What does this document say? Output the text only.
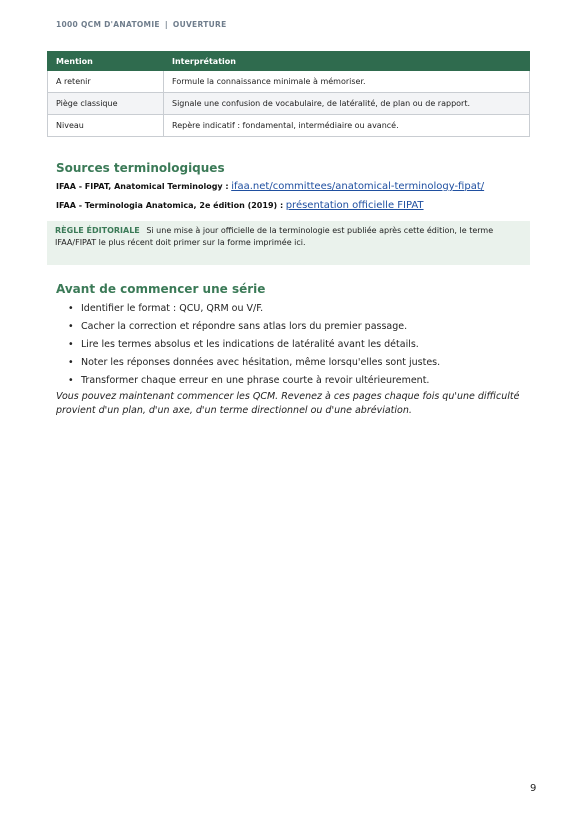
1000 QCM D'ANATOMIE | OUVERTURE
Mention	Interprétation
A retenir	Formule la connaissance minimale à mémoriser.
Piège classique	Signale une confusion de vocabulaire, de latéralité, de plan ou de rapport.
Niveau	Repère indicatif : fondamental, intermédiaire ou avancé.
Sources terminologiques
IFAA - FIPAT, Anatomical Terminology : ifaa.net/committees/anatomical-terminology-fipat/
IFAA - Terminologia Anatomica, 2e édition (2019) : présentation officielle FIPAT
RÈGLE ÉDITORIALE Si une mise à jour officielle de la terminologie est publiée après cette édition, le terme IFAA/FIPAT le plus récent doit primer sur la forme imprimée ici.
Avant de commencer une série
• Identifier le format : QCU, QRM ou V/F.
• Cacher la correction et répondre sans atlas lors du premier passage.
• Lire les termes absolus et les indications de latéralité avant les détails.
• Noter les réponses données avec hésitation, même lorsqu'elles sont justes.
• Transformer chaque erreur en une phrase courte à revoir ultérieurement.

Vous pouvez maintenant commencer les QCM. Revenez à ces pages chaque fois qu'une difficulté provient d'un plan, d'un axe, d'un terme directionnel ou d'une abréviation.

9
